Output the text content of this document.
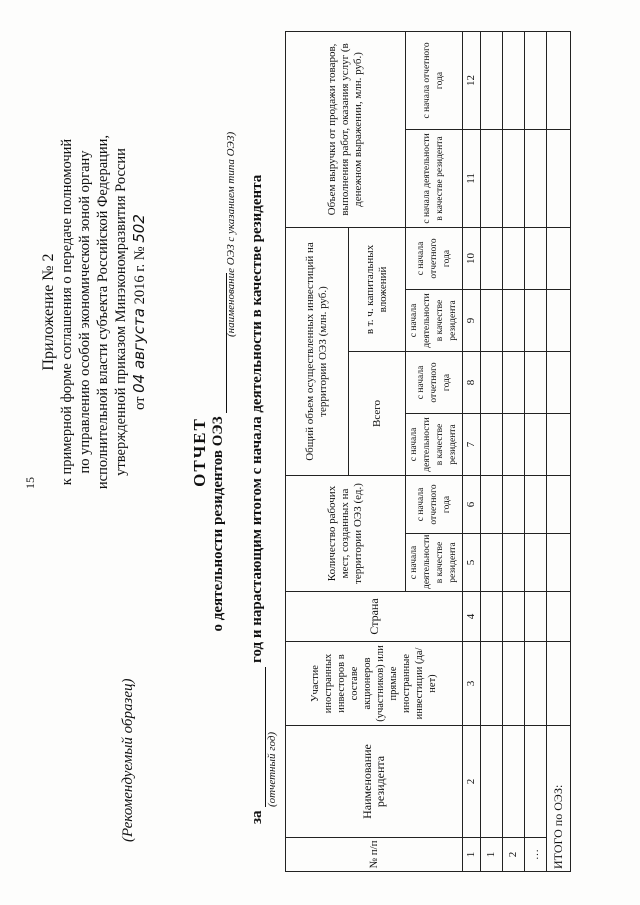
15
Приложение № 2 к примерной форме соглашения о передаче полномочий по управлению особой экономической зоной органу исполнительной власти субъекта Российской Федерации, утвержденной приказом Минэкономразвития России от 04 августа 2016 г. № 502
(Рекомендуемый образец)
ОТЧЕТ о деятельности резидентов ОЭЗ
(наименование ОЭЗ с указанием типа ОЭЗ)
за  год и нарастающим итогом с начала деятельности в качестве резидента
(отчетный год)
№ п/п	Наименование резидента	Участие иностранных инвесторов в составе акционеров (участников) или прямые иностранные инвестиции (да/нет)	Страна	Количество рабочих мест, созданных на территории ОЭЗ (ед.)		Общий объем осуществленных инвестиций на территории ОЭЗ (млн. руб.)				Объем выручки от продажи товаров, выполнения работ, оказания услуг (в денежном выражении, млн. руб.)	
						Всего		в т. ч. капитальных вложений			
				с начала деятельности в качестве резидента	с начала отчетного года	с начала деятельности в качестве резидента	с начала отчетного года	с начала деятельности в качестве резидента	с начала отчетного года	с начала деятельности в качестве резидента	с начала отчетного года
1	2	3	4	5	6	7	8	9	10	11	12
1											
2											
…											
ИТОГО по ОЭЗ:											
